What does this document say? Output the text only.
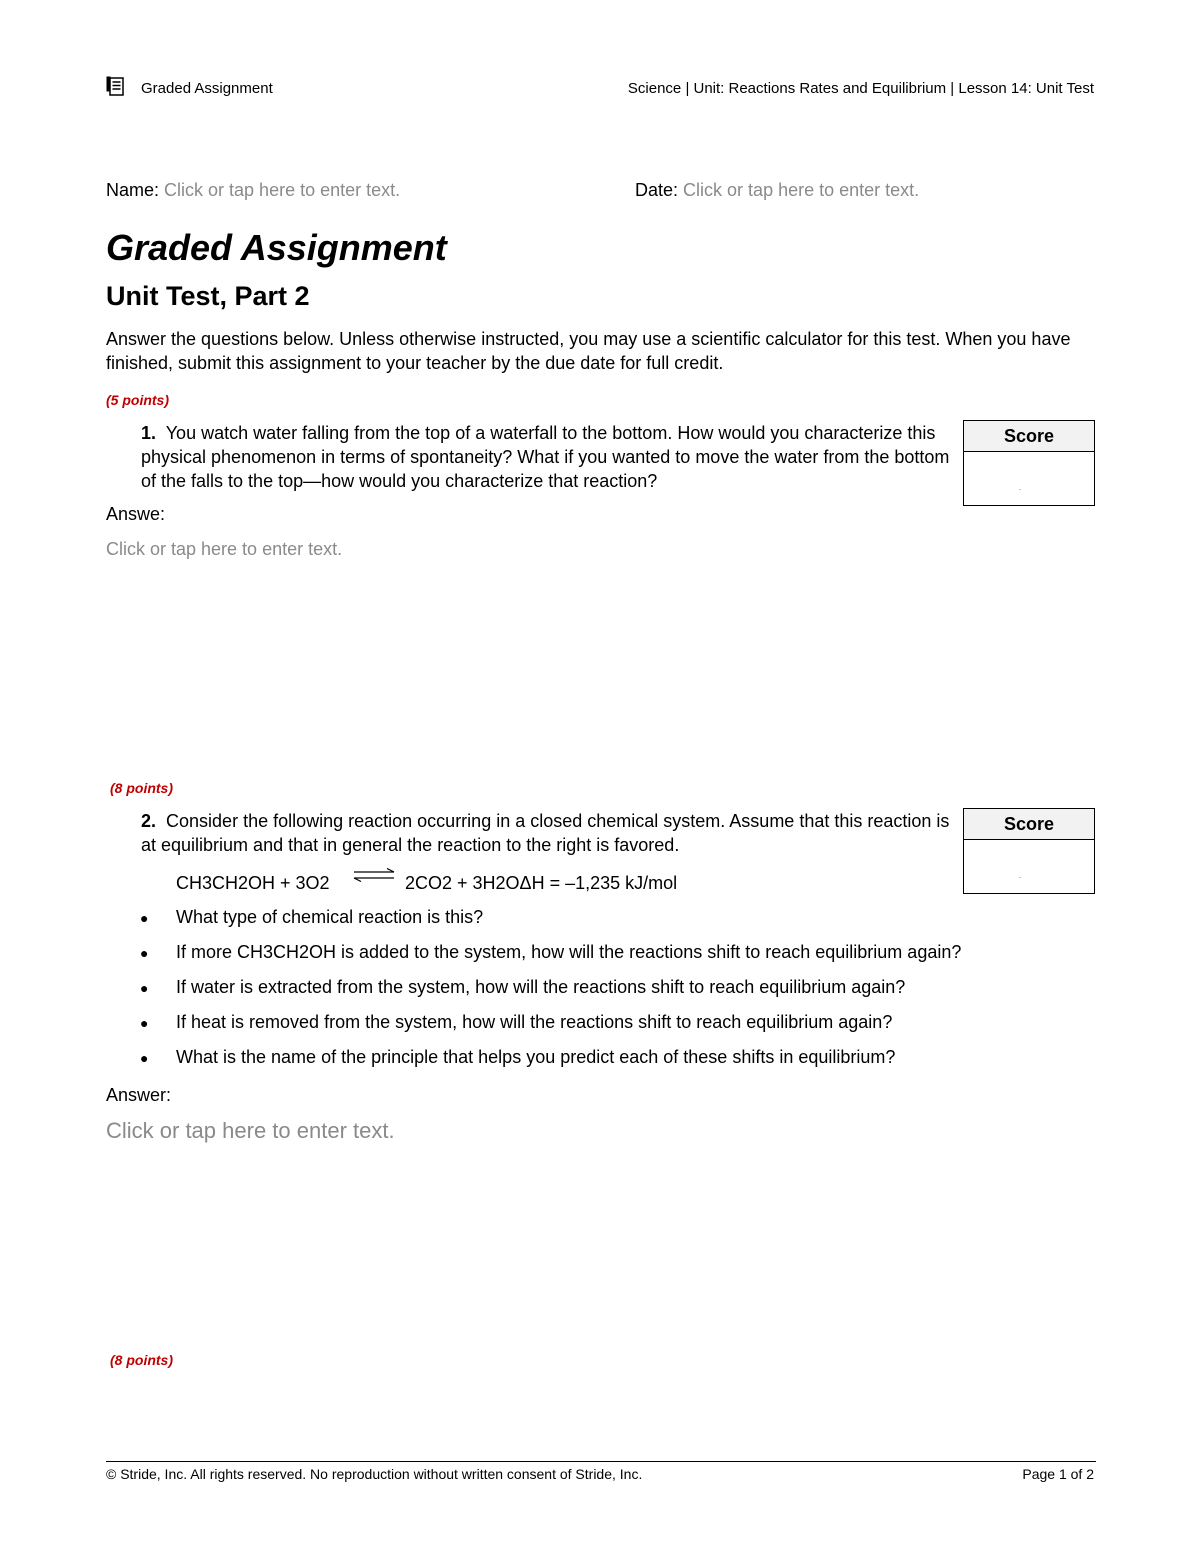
Graded Assignment	Science | Unit: Reactions Rates and Equilibrium | Lesson 14: Unit Test
Name: Click or tap here to enter text.	Date: Click or tap here to enter text.
Graded Assignment
Unit Test, Part 2
Answer the questions below. Unless otherwise instructed, you may use a scientific calculator for this test. When you have finished, submit this assignment to your teacher by the due date for full credit.
(5 points)
1. You watch water falling from the top of a waterfall to the bottom. How would you characterize this physical phenomenon in terms of spontaneity? What if you wanted to move the water from the bottom of the falls to the top—how would you characterize that reaction?
Score
.
Answe:
Click or tap here to enter text.
(8 points)
2. Consider the following reaction occurring in a closed chemical system. Assume that this reaction is at equilibrium and that in general the reaction to the right is favored.
Score
.
CH3CH2OH + 3O2 ⇌ 2CO2 + 3H2OΔH = –1,235 kJ/mol
● What type of chemical reaction is this?
● If more CH3CH2OH is added to the system, how will the reactions shift to reach equilibrium again?
● If water is extracted from the system, how will the reactions shift to reach equilibrium again?
● If heat is removed from the system, how will the reactions shift to reach equilibrium again?
● What is the name of the principle that helps you predict each of these shifts in equilibrium?
Answer:
Click or tap here to enter text.
(8 points)
© Stride, Inc. All rights reserved. No reproduction without written consent of Stride, Inc.	Page 1 of 2
